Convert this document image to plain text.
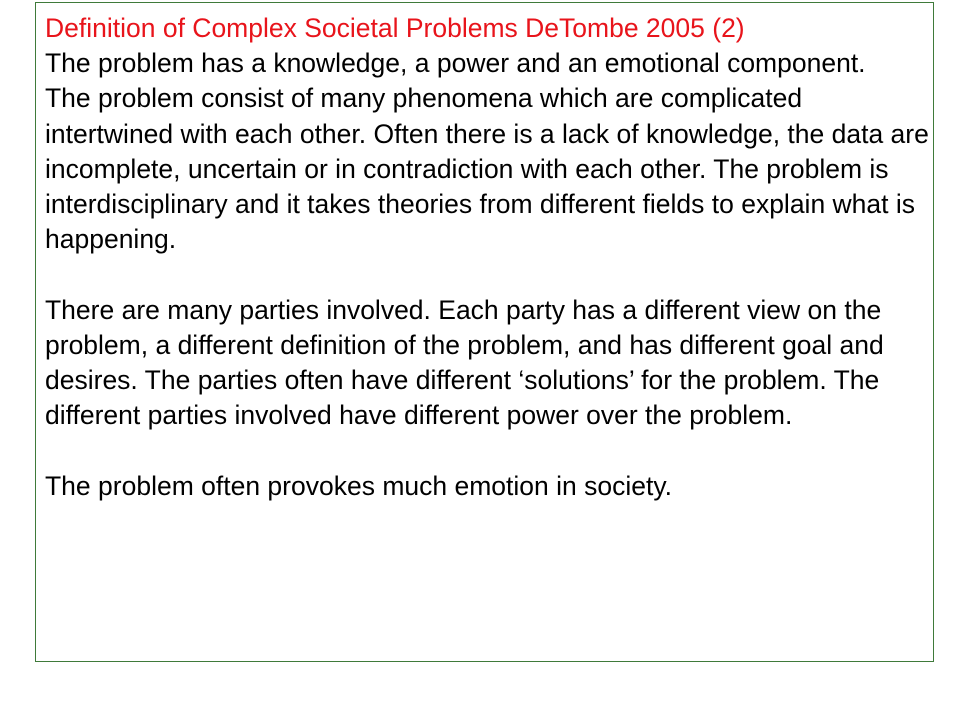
Definition of Complex Societal Problems DeTombe 2005 (2)

The problem has a knowledge, a power and an emotional component.

The problem consist of many phenomena which are complicated intertwined with each other. Often there is a lack of knowledge, the data are incomplete, uncertain or in contradiction with each other. The problem is interdisciplinary and it takes theories from different fields to explain what is happening.

There are many parties involved. Each party has a different view on the problem, a different definition of the problem, and has different goal and desires. The parties often have different ‘solutions’ for the problem. The different parties involved have different power over the problem.

The problem often provokes much emotion in society.
